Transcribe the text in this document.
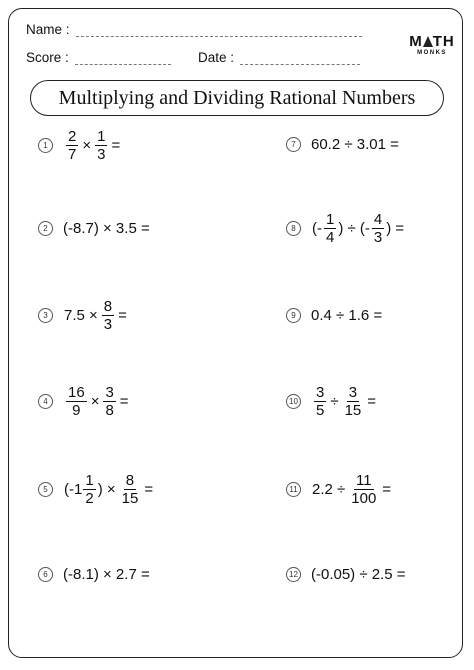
Name :
Score :	Date :
M TH
MONKS
Multiplying and Dividing Rational Numbers
1	$\frac{2}{7} \times \frac{1}{3}$ =
2	(-8.7) × 3.5 =
3	$7.5 \times \frac{8}{3}$ =
4	$\frac{16}{9} \times \frac{3}{8}$ =
5	($-1 \frac{1}{2}$ ) × $\frac{8}{15}$ =
6	(-8.1) × 2.7 =
7	60.2 ÷ 3.01 =
8	(- $\frac{1}{4}$ ) ÷ (- $\frac{4}{3}$ ) =
9	0.4 ÷ 1.6 =
$10 \frac{3}{5} \div \frac{3}{15}$ =
11 $2.2 \div \frac{11}{100}$ =
12 (-0.05) ÷ 2.5 =
